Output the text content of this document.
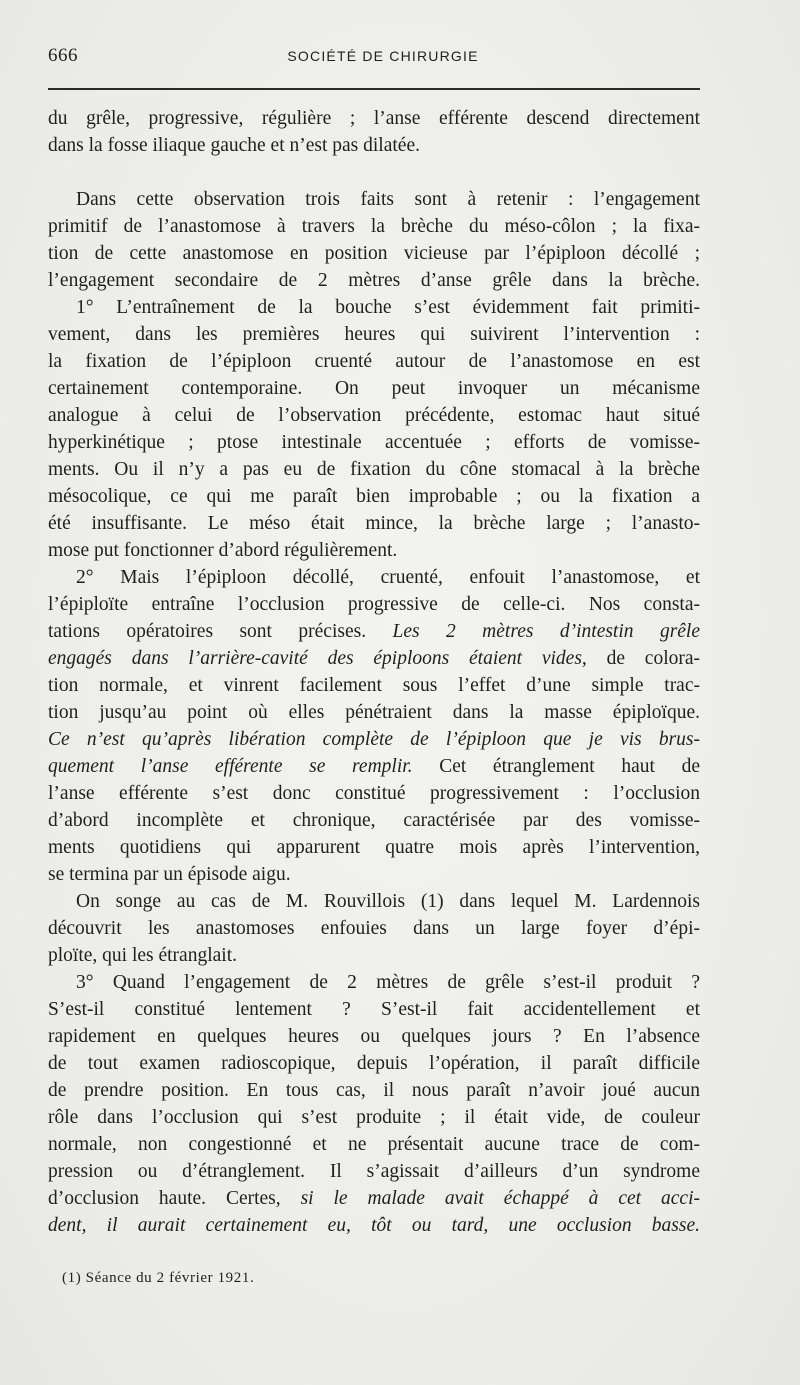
666	SOCIÉTÉ DE CHIRURGIE
du grêle, progressive, régulière ; l’anse efférente descend directement
dans la fosse iliaque gauche et n’est pas dilatée.
Dans cette observation trois faits sont à retenir : l’engagement
primitif de l’anastomose à travers la brèche du méso-côlon ; la fixa-
tion de cette anastomose en position vicieuse par l’épiploon décollé ;
l’engagement secondaire de 2 mètres d’anse grêle dans la brèche.
1° L’entraînement de la bouche s’est évidemment fait primiti-
vement, dans les premières heures qui suivirent l’intervention :
la fixation de l’épiploon cruenté autour de l’anastomose en est
certainement contemporaine. On peut invoquer un mécanisme
analogue à celui de l’observation précédente, estomac haut situé
hyperkinétique ; ptose intestinale accentuée ; efforts de vomisse-
ments. Ou il n’y a pas eu de fixation du cône stomacal à la brèche
mésocolique, ce qui me paraît bien improbable ; ou la fixation a
été insuffisante. Le méso était mince, la brèche large ; l’anasto-
mose put fonctionner d’abord régulièrement.
2° Mais l’épiploon décollé, cruenté, enfouit l’anastomose, et
l’épiploïte entraîne l’occlusion progressive de celle-ci. Nos consta-
tations opératoires sont précises. Les 2 mètres d’intestin grêle
engagés dans l’arrière-cavité des épiploons étaient vides, de colora-
tion normale, et vinrent facilement sous l’effet d’une simple trac-
tion jusqu’au point où elles pénétraient dans la masse épiploïque.
Ce n’est qu’après libération complète de l’épiploon que je vis brus-
quement l’anse efférente se remplir. Cet étranglement haut de
l’anse efférente s’est donc constitué progressivement : l’occlusion
d’abord incomplète et chronique, caractérisée par des vomisse-
ments quotidiens qui apparurent quatre mois après l’intervention,
se termina par un épisode aigu.
On songe au cas de M. Rouvillois (1) dans lequel M. Lardennois
découvrit les anastomoses enfouies dans un large foyer d’épi-
ploïte, qui les étranglait.
3° Quand l’engagement de 2 mètres de grêle s’est-il produit ?
S’est-il constitué lentement ? S’est-il fait accidentellement et
rapidement en quelques heures ou quelques jours ? En l’absence
de tout examen radioscopique, depuis l’opération, il paraît difficile
de prendre position. En tous cas, il nous paraît n’avoir joué aucun
rôle dans l’occlusion qui s’est produite ; il était vide, de couleur
normale, non congestionné et ne présentait aucune trace de com-
pression ou d’étranglement. Il s’agissait d’ailleurs d’un syndrome
d’occlusion haute. Certes, si le malade avait échappé à cet acci-
dent, il aurait certainement eu, tôt ou tard, une occlusion basse.
(1) Séance du 2 février 1921.
